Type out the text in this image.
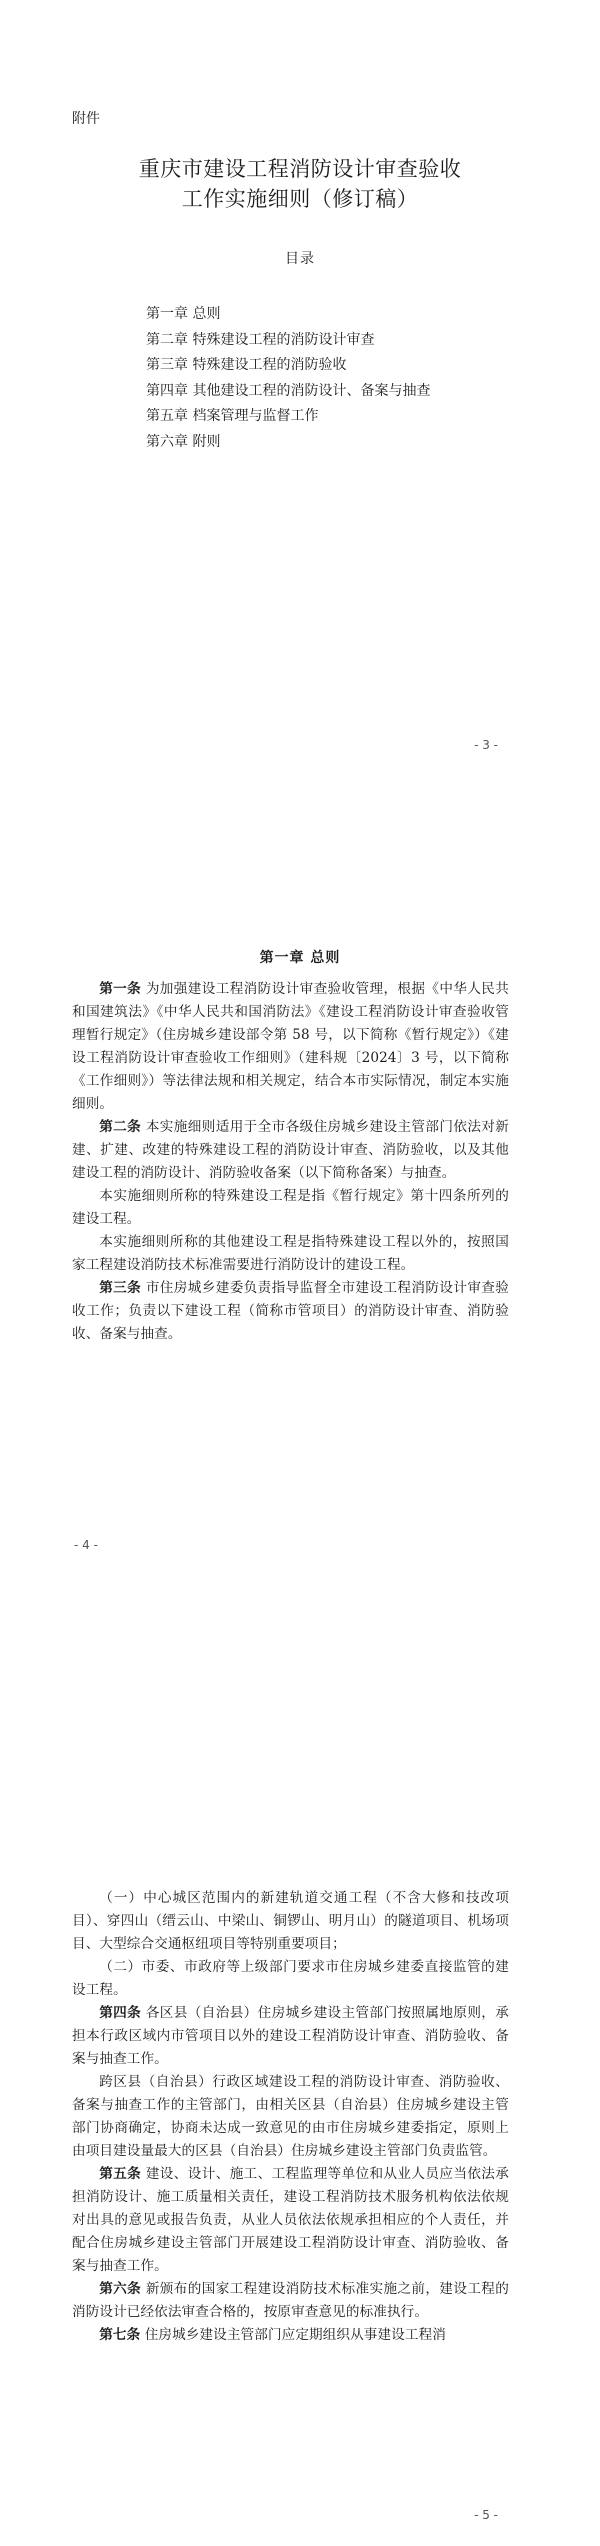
附件
重庆市建设工程消防设计审查验收
工作实施细则（修订稿）
目录
第一章 总则
第二章 特殊建设工程的消防设计审查
第三章 特殊建设工程的消防验收
第四章 其他建设工程的消防设计、备案与抽查
第五章 档案管理与监督工作
第六章 附则
- 3 -
第一章 总则

第一条 为加强建设工程消防设计审查验收管理，根据《中华人民共和国建筑法》《中华人民共和国消防法》《建设工程消防设计审查验收管理暂行规定》（住房城乡建设部令第 58 号，以下简称《暂行规定》）《建设工程消防设计审查验收工作细则》（建科规〔2024〕3 号，以下简称《工作细则》）等法律法规和相关规定，结合本市实际情况，制定本实施细则。

第二条 本实施细则适用于全市各级住房城乡建设主管部门依法对新建、扩建、改建的特殊建设工程的消防设计审查、消防验收，以及其他建设工程的消防设计、消防验收备案（以下简称备案）与抽查。

本实施细则所称的特殊建设工程是指《暂行规定》第十四条所列的建设工程。

本实施细则所称的其他建设工程是指特殊建设工程以外的，按照国家工程建设消防技术标准需要进行消防设计的建设工程。

第三条 市住房城乡建委负责指导监督全市建设工程消防设计审查验收工作；负责以下建设工程（简称市管项目）的消防设计审查、消防验收、备案与抽查。

- 4 -

（一）中心城区范围内的新建轨道交通工程（不含大修和技改项目）、穿四山（缙云山、中梁山、铜锣山、明月山）的隧道项目、机场项目、大型综合交通枢纽项目等特别重要项目；

（二）市委、市政府等上级部门要求市住房城乡建委直接监管的建设工程。

第四条 各区县（自治县）住房城乡建设主管部门按照属地原则，承担本行政区域内市管项目以外的建设工程消防设计审查、消防验收、备案与抽查工作。

跨区县（自治县）行政区域建设工程的消防设计审查、消防验收、备案与抽查工作的主管部门，由相关区县（自治县）住房城乡建设主管部门协商确定，协商未达成一致意见的由市住房城乡建委指定，原则上由项目建设量最大的区县（自治县）住房城乡建设主管部门负责监管。

第五条 建设、设计、施工、工程监理等单位和从业人员应当依法承担消防设计、施工质量相关责任，建设工程消防技术服务机构依法依规对出具的意见或报告负责，从业人员依法依规承担相应的个人责任，并配合住房城乡建设主管部门开展建设工程消防设计审查、消防验收、备案与抽查工作。

第六条 新颁布的国家工程建设消防技术标准实施之前，建设工程的消防设计已经依法审查合格的，按原审查意见的标准执行。

第七条 住房城乡建设主管部门应定期组织从事建设工程消

- 5 -
